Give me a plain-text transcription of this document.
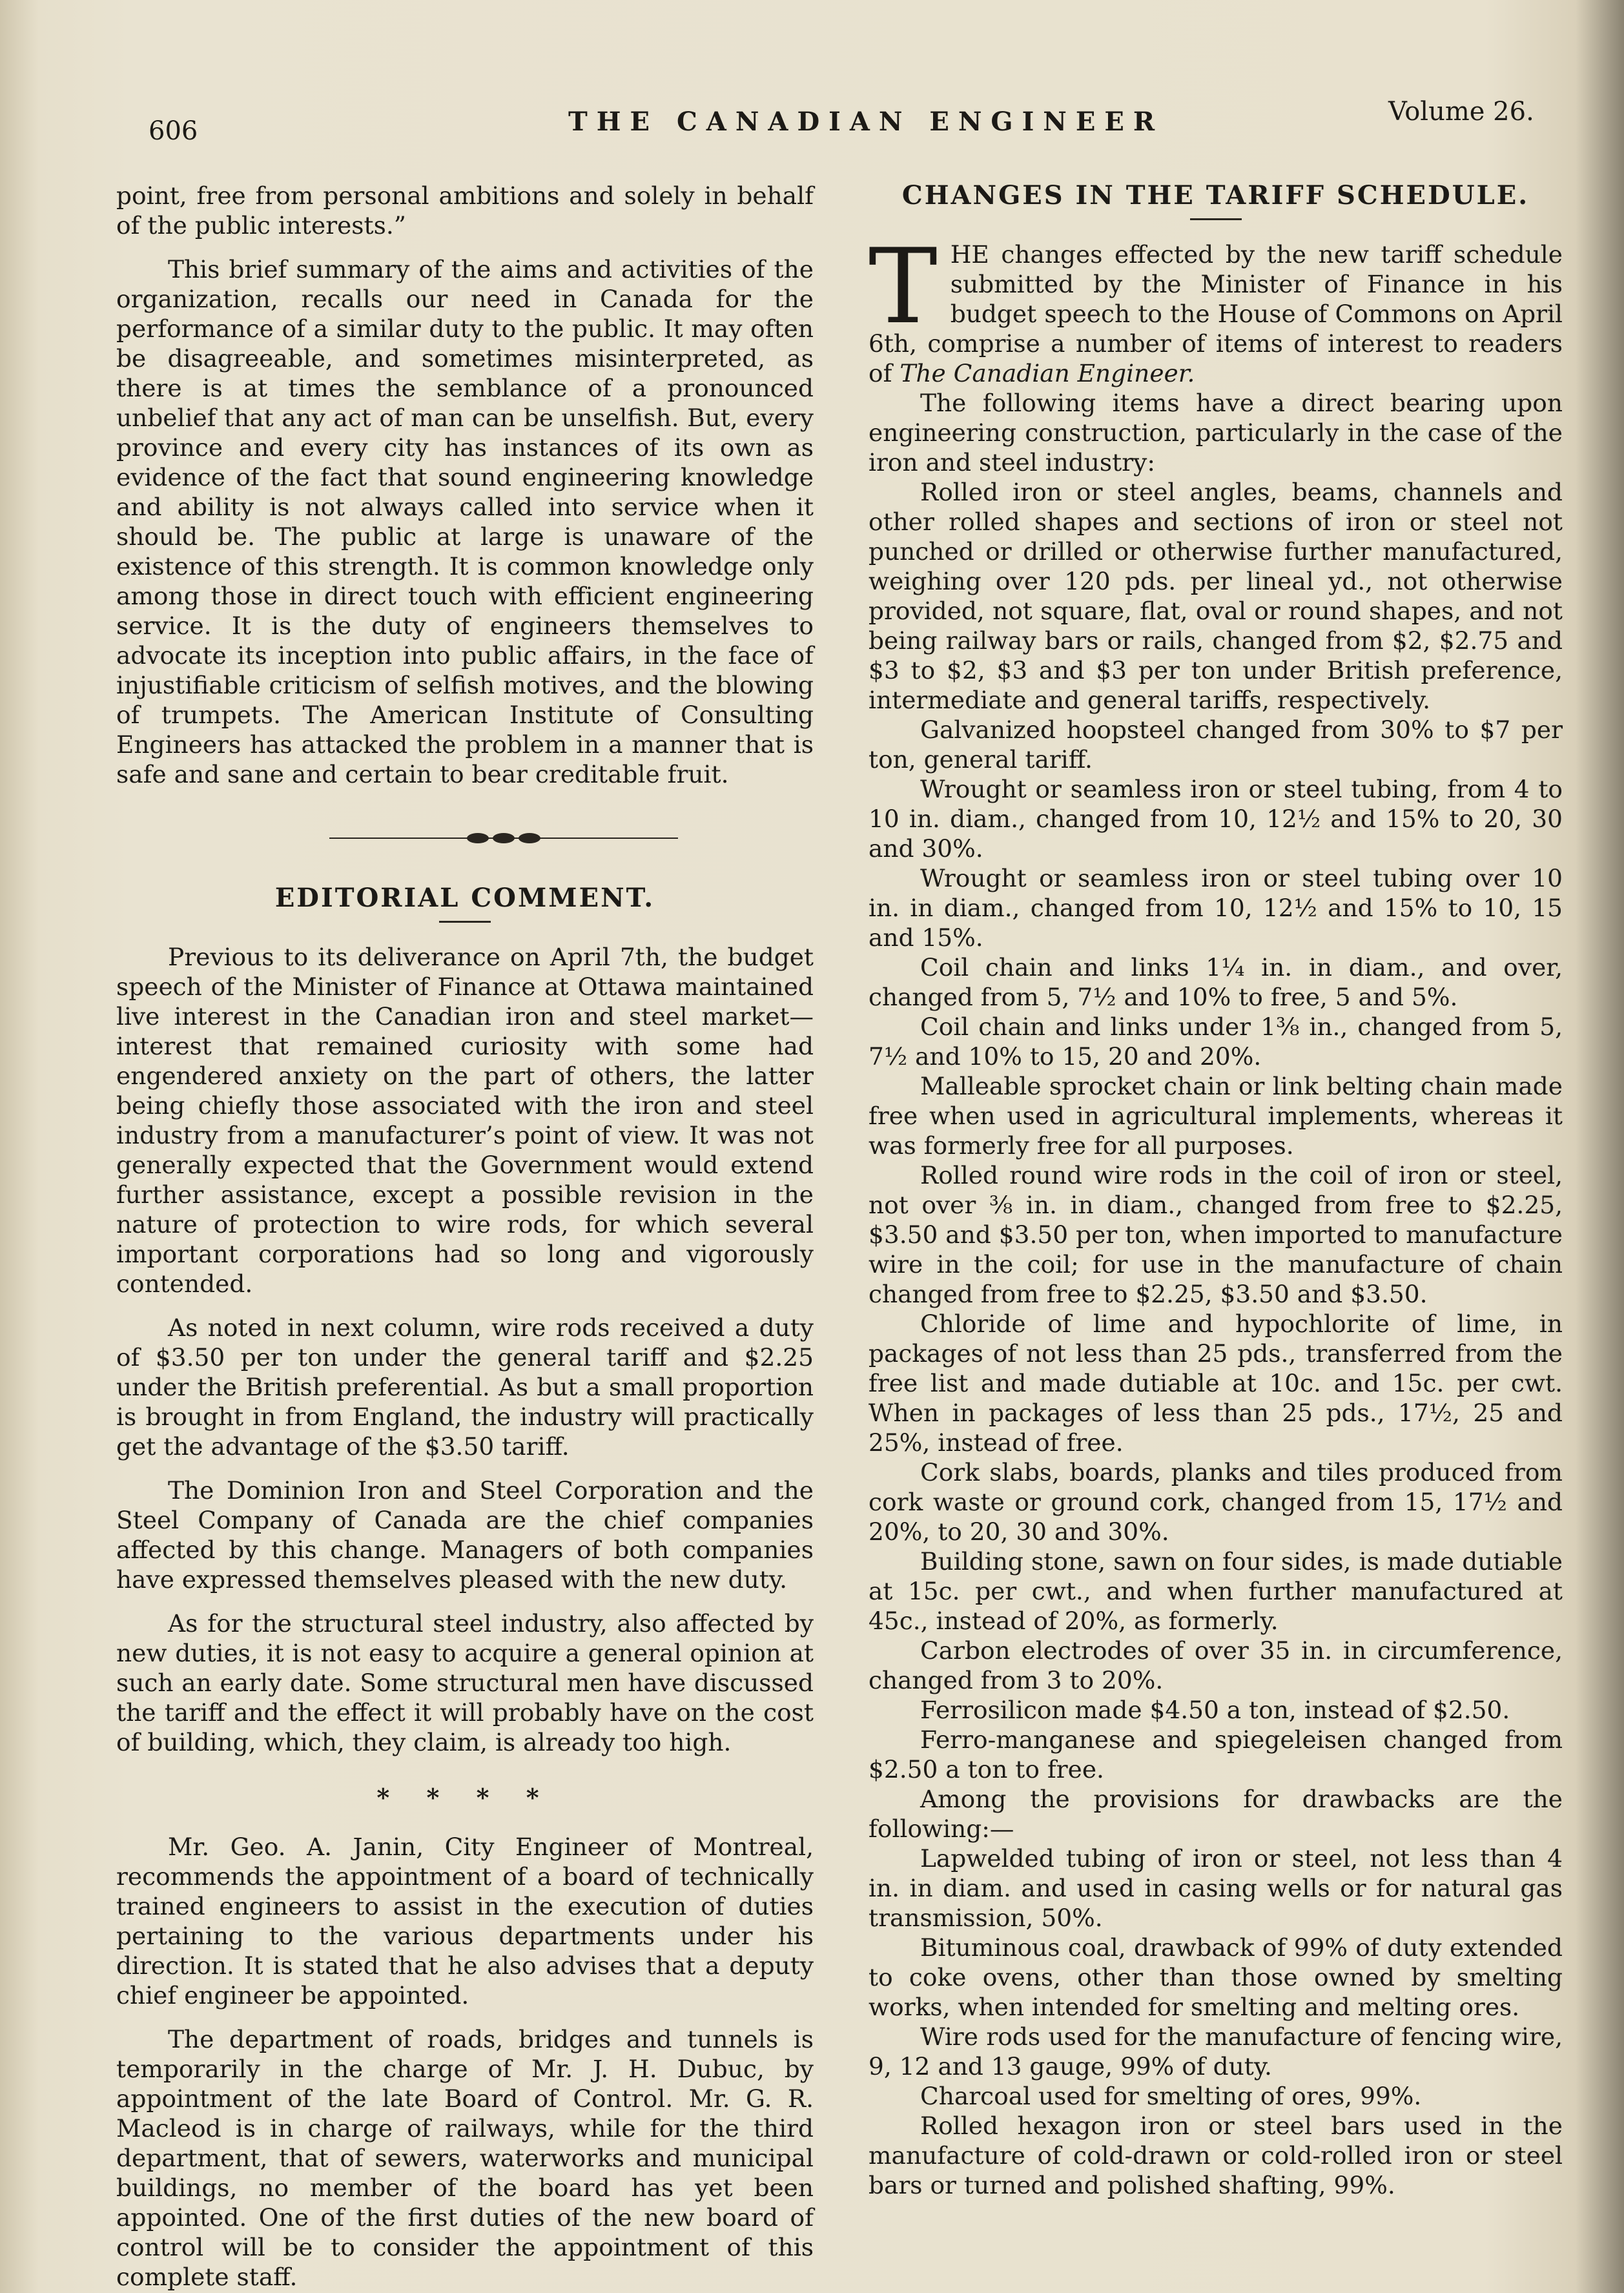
606	THE CANADIAN ENGINEER	Volume 26.

point, free from personal ambitions and solely in behalf of the public interests.”

This brief summary of the aims and activities of the organization, recalls our need in Canada for the performance of a similar duty to the public. It may often be disagreeable, and sometimes misinterpreted, as there is at times the semblance of a pronounced unbelief that any act of man can be unselfish. But, every province and every city has instances of its own as evidence of the fact that sound engineering knowledge and ability is not always called into service when it should be. The public at large is unaware of the existence of this strength. It is common knowledge only among those in direct touch with efficient engineering service. It is the duty of engineers themselves to advocate its inception into public affairs, in the face of injustifiable criticism of selfish motives, and the blowing of trumpets. The American Institute of Consulting Engineers has attacked the problem in a manner that is safe and sane and certain to bear creditable fruit.

EDITORIAL COMMENT.

Previous to its deliverance on April 7th, the budget speech of the Minister of Finance at Ottawa maintained live interest in the Canadian iron and steel market—interest that remained curiosity with some had engendered anxiety on the part of others, the latter being chiefly those associated with the iron and steel industry from a manufacturer’s point of view. It was not generally expected that the Government would extend further assistance, except a possible revision in the nature of protection to wire rods, for which several important corporations had so long and vigorously contended.

As noted in next column, wire rods received a duty of $3.50 per ton under the general tariff and $2.25 under the British preferential. As but a small proportion is brought in from England, the industry will practically get the advantage of the $3.50 tariff.

The Dominion Iron and Steel Corporation and the Steel Company of Canada are the chief companies affected by this change. Managers of both companies have expressed themselves pleased with the new duty.

As for the structural steel industry, also affected by new duties, it is not easy to acquire a general opinion at such an early date. Some structural men have discussed the tariff and the effect it will probably have on the cost of building, which, they claim, is already too high.

* * * *

Mr. Geo. A. Janin, City Engineer of Montreal, recommends the appointment of a board of technically trained engineers to assist in the execution of duties pertaining to the various departments under his direction. It is stated that he also advises that a deputy chief engineer be appointed.

The department of roads, bridges and tunnels is temporarily in the charge of Mr. J. H. Dubuc, by appointment of the late Board of Control. Mr. G. R. Macleod is in charge of railways, while for the third department, that of sewers, waterworks and municipal buildings, no member of the board has yet been appointed. One of the first duties of the new board of control will be to consider the appointment of this complete staff.

CHANGES IN THE TARIFF SCHEDULE.

THE changes effected by the new tariff schedule submitted by the Minister of Finance in his budget speech to the House of Commons on April 6th, comprise a number of items of interest to readers of The Canadian Engineer.

The following items have a direct bearing upon engineering construction, particularly in the case of the iron and steel industry:

Rolled iron or steel angles, beams, channels and other rolled shapes and sections of iron or steel not punched or drilled or otherwise further manufactured, weighing over 120 pds. per lineal yd., not otherwise provided, not square, flat, oval or round shapes, and not being railway bars or rails, changed from $2, $2.75 and $3 to $2, $3 and $3 per ton under British preference, intermediate and general tariffs, respectively.

Galvanized hoopsteel changed from 30% to $7 per ton, general tariff.

Wrought or seamless iron or steel tubing, from 4 to 10 in. diam., changed from 10, 12½ and 15% to 20, 30 and 30%.

Wrought or seamless iron or steel tubing over 10 in. in diam., changed from 10, 12½ and 15% to 10, 15 and 15%.

Coil chain and links 1¼ in. in diam., and over, changed from 5, 7½ and 10% to free, 5 and 5%.

Coil chain and links under 1⅜ in., changed from 5, 7½ and 10% to 15, 20 and 20%.

Malleable sprocket chain or link belting chain made free when used in agricultural implements, whereas it was formerly free for all purposes.

Rolled round wire rods in the coil of iron or steel, not over ⅜ in. in diam., changed from free to $2.25, $3.50 and $3.50 per ton, when imported to manufacture wire in the coil; for use in the manufacture of chain changed from free to $2.25, $3.50 and $3.50.

Chloride of lime and hypochlorite of lime, in packages of not less than 25 pds., transferred from the free list and made dutiable at 10c. and 15c. per cwt. When in packages of less than 25 pds., 17½, 25 and 25%, instead of free.

Cork slabs, boards, planks and tiles produced from cork waste or ground cork, changed from 15, 17½ and 20%, to 20, 30 and 30%.

Building stone, sawn on four sides, is made dutiable at 15c. per cwt., and when further manufactured at 45c., instead of 20%, as formerly.

Carbon electrodes of over 35 in. in circumference, changed from 3 to 20%.

Ferrosilicon made $4.50 a ton, instead of $2.50.

Ferro-manganese and spiegeleisen changed from $2.50 a ton to free.

Among the provisions for drawbacks are the following:—

Lapwelded tubing of iron or steel, not less than 4 in. in diam. and used in casing wells or for natural gas transmission, 50%.

Bituminous coal, drawback of 99% of duty extended to coke ovens, other than those owned by smelting works, when intended for smelting and melting ores.

Wire rods used for the manufacture of fencing wire, 9, 12 and 13 gauge, 99% of duty.

Charcoal used for smelting of ores, 99%.

Rolled hexagon iron or steel bars used in the manufacture of cold-drawn or cold-rolled iron or steel bars or turned and polished shafting, 99%.
